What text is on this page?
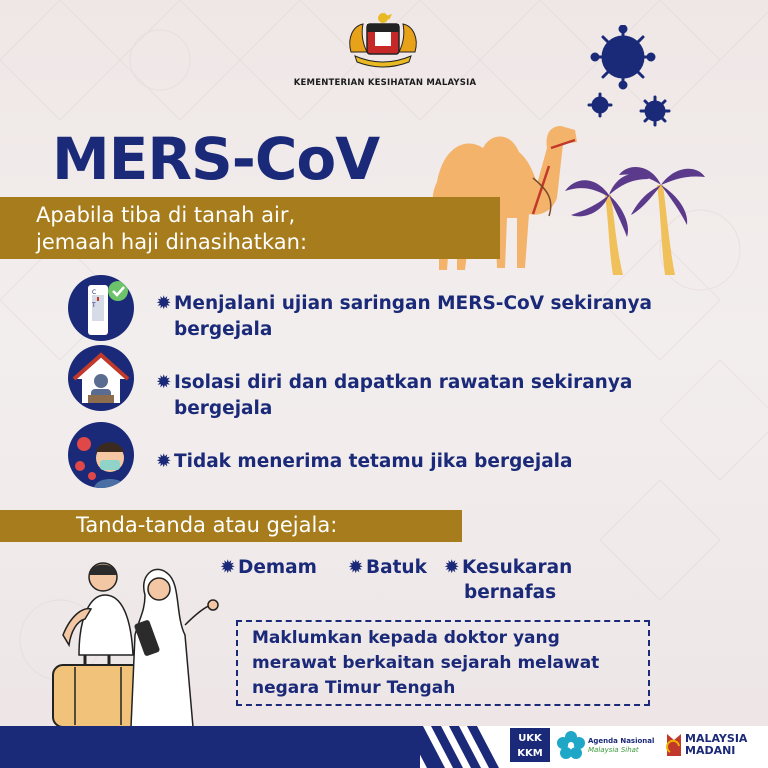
KEMENTERIAN KESIHATAN MALAYSIA
MERS-CoV
Apabila tiba di tanah air,
jemaah haji dinasihatkan:
C
T	✹ Menjalani ujian saringan MERS-CoV sekiranya
bergejala
✹ Isolasi diri dan dapatkan rawatan sekiranya
bergejala
✹ Tidak menerima tetamu jika bergejala
Tanda-tanda atau gejala:
✹ Demam ✹ Batuk ✹ Kesukaran
bernafas
Maklumkan kepada doktor yang
merawat berkaitan sejarah melawat
negara Timur Tengah
UKK
KKM
Agenda Nasional
Malaysia Sihat
MALAYSIA
MADANI
